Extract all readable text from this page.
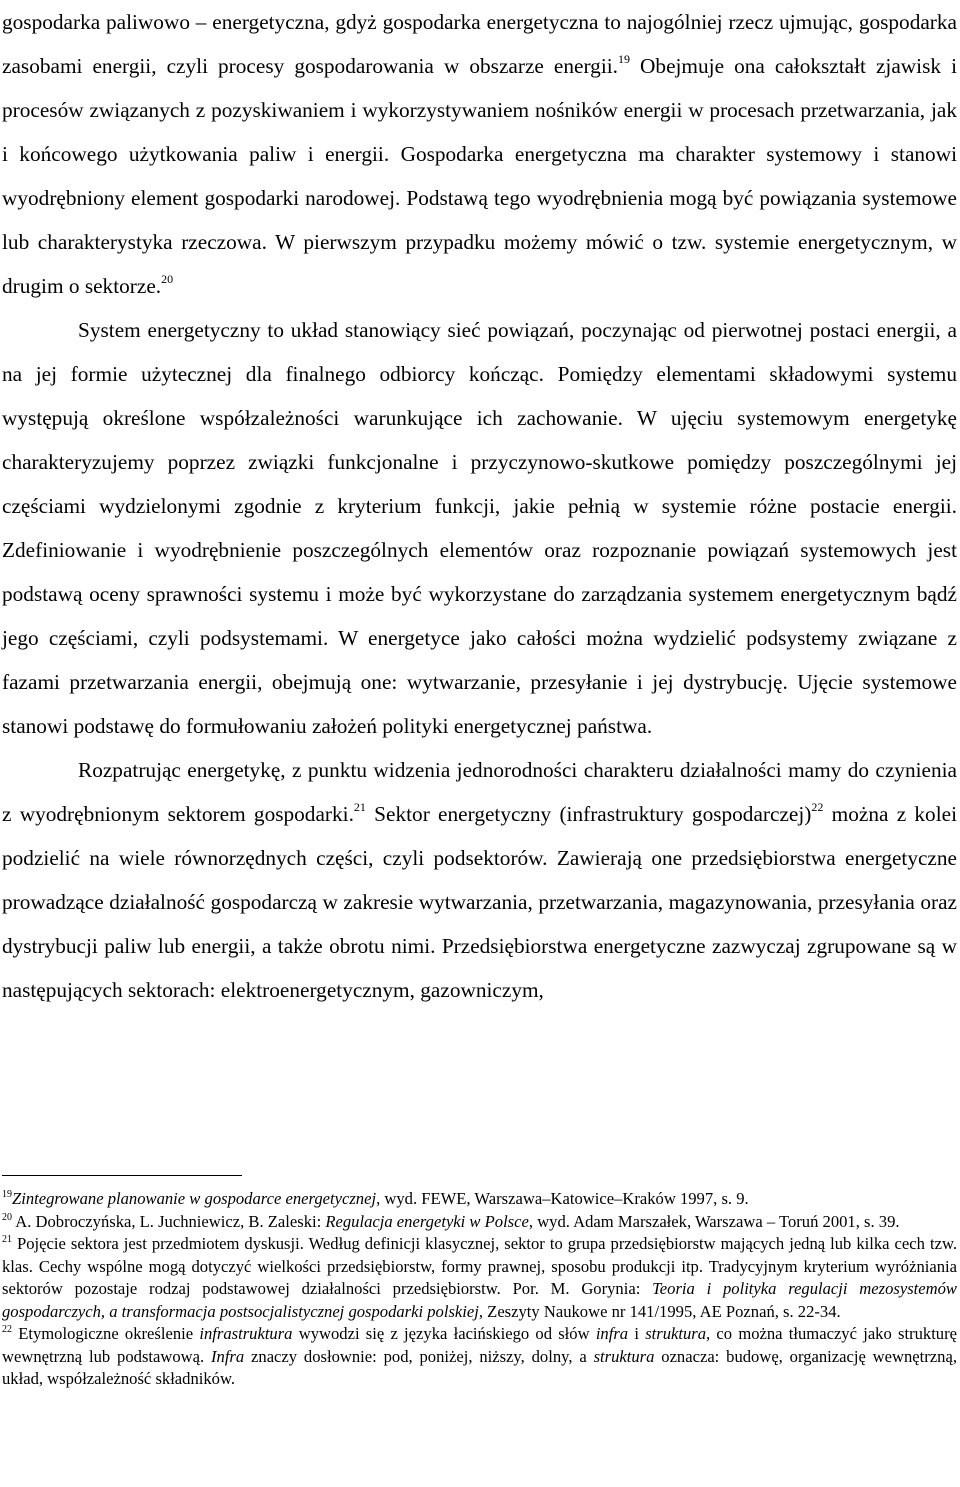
gospodarka paliwowo – energetyczna, gdyż gospodarka energetyczna to najogólniej rzecz ujmując, gospodarka zasobami energii, czyli procesy gospodarowania w obszarze energii.$^{19}$ Obejmuje ona całokształt zjawisk i procesów związanych z pozyskiwaniem i wykorzystywaniem nośników energii w procesach przetwarzania, jak i końcowego użytkowania paliw i energii. Gospodarka energetyczna ma charakter systemowy i stanowi wyodrębniony element gospodarki narodowej. Podstawą tego wyodrębnienia mogą być powiązania systemowe lub charakterystyka rzeczowa. W pierwszym przypadku możemy mówić o tzw. systemie energetycznym, w drugim o sektorze.$^{20}$

System energetyczny to układ stanowiący sieć powiązań, poczynając od pierwotnej postaci energii, a na jej formie użytecznej dla finalnego odbiorcy kończąc. Pomiędzy elementami składowymi systemu występują określone współzależności warunkujące ich zachowanie. W ujęciu systemowym energetykę charakteryzujemy poprzez związki funkcjonalne i przyczynowo-skutkowe pomiędzy poszczególnymi jej częściami wydzielonymi zgodnie z kryterium funkcji, jakie pełnią w systemie różne postacie energii. Zdefiniowanie i wyodrębnienie poszczególnych elementów oraz rozpoznanie powiązań systemowych jest podstawą oceny sprawności systemu i może być wykorzystane do zarządzania systemem energetycznym bądź jego częściami, czyli podsystemami. W energetyce jako całości można wydzielić podsystemy związane z fazami przetwarzania energii, obejmują one: wytwarzanie, przesyłanie i jej dystrybucję. Ujęcie systemowe stanowi podstawę do formułowaniu założeń polityki energetycznej państwa.

Rozpatrując energetykę, z punktu widzenia jednorodności charakteru działalności mamy do czynienia z wyodrębnionym sektorem gospodarki.$^{21}$ Sektor energetyczny (infrastruktury gospodarczej)$^{22}$ można z kolei podzielić na wiele równorzędnych części, czyli podsektorów. Zawierają one przedsiębiorstwa energetyczne prowadzące działalność gospodarczą w zakresie wytwarzania, przetwarzania, magazynowania, przesyłania oraz dystrybucji paliw lub energii, a także obrotu nimi. Przedsiębiorstwa energetyczne zazwyczaj zgrupowane są w następujących sektorach: elektroenergetycznym, gazowniczym,

$^{19}$Zintegrowane planowanie w gospodarce energetycznej, wyd. FEWE, Warszawa–Katowice–Kraków 1997, s. 9.

$^{20}$ A. Dobroczyńska, L. Juchniewicz, B. Zaleski: Regulacja energetyki w Polsce, wyd. Adam Marszałek, Warszawa – Toruń 2001, s. 39.

$^{21}$ Pojęcie sektora jest przedmiotem dyskusji. Według definicji klasycznej, sektor to grupa przedsiębiorstw mających jedną lub kilka cech tzw. klas. Cechy wspólne mogą dotyczyć wielkości przedsiębiorstw, formy prawnej, sposobu produkcji itp. Tradycyjnym kryterium wyróżniania sektorów pozostaje rodzaj podstawowej działalności przedsiębiorstw. Por. M. Gorynia: Teoria i polityka regulacji mezosystemów gospodarczych, a transformacja postsocjalistycznej gospodarki polskiej, Zeszyty Naukowe nr 141/1995, AE Poznań, s. 22-34.

$^{22}$ Etymologiczne określenie infrastruktura wywodzi się z języka łacińskiego od słów infra i struktura, co można tłumaczyć jako strukturę wewnętrzną lub podstawową. Infra znaczy dosłownie: pod, poniżej, niższy, dolny, a struktura oznacza: budowę, organizację wewnętrzną, układ, współzależność składników.
